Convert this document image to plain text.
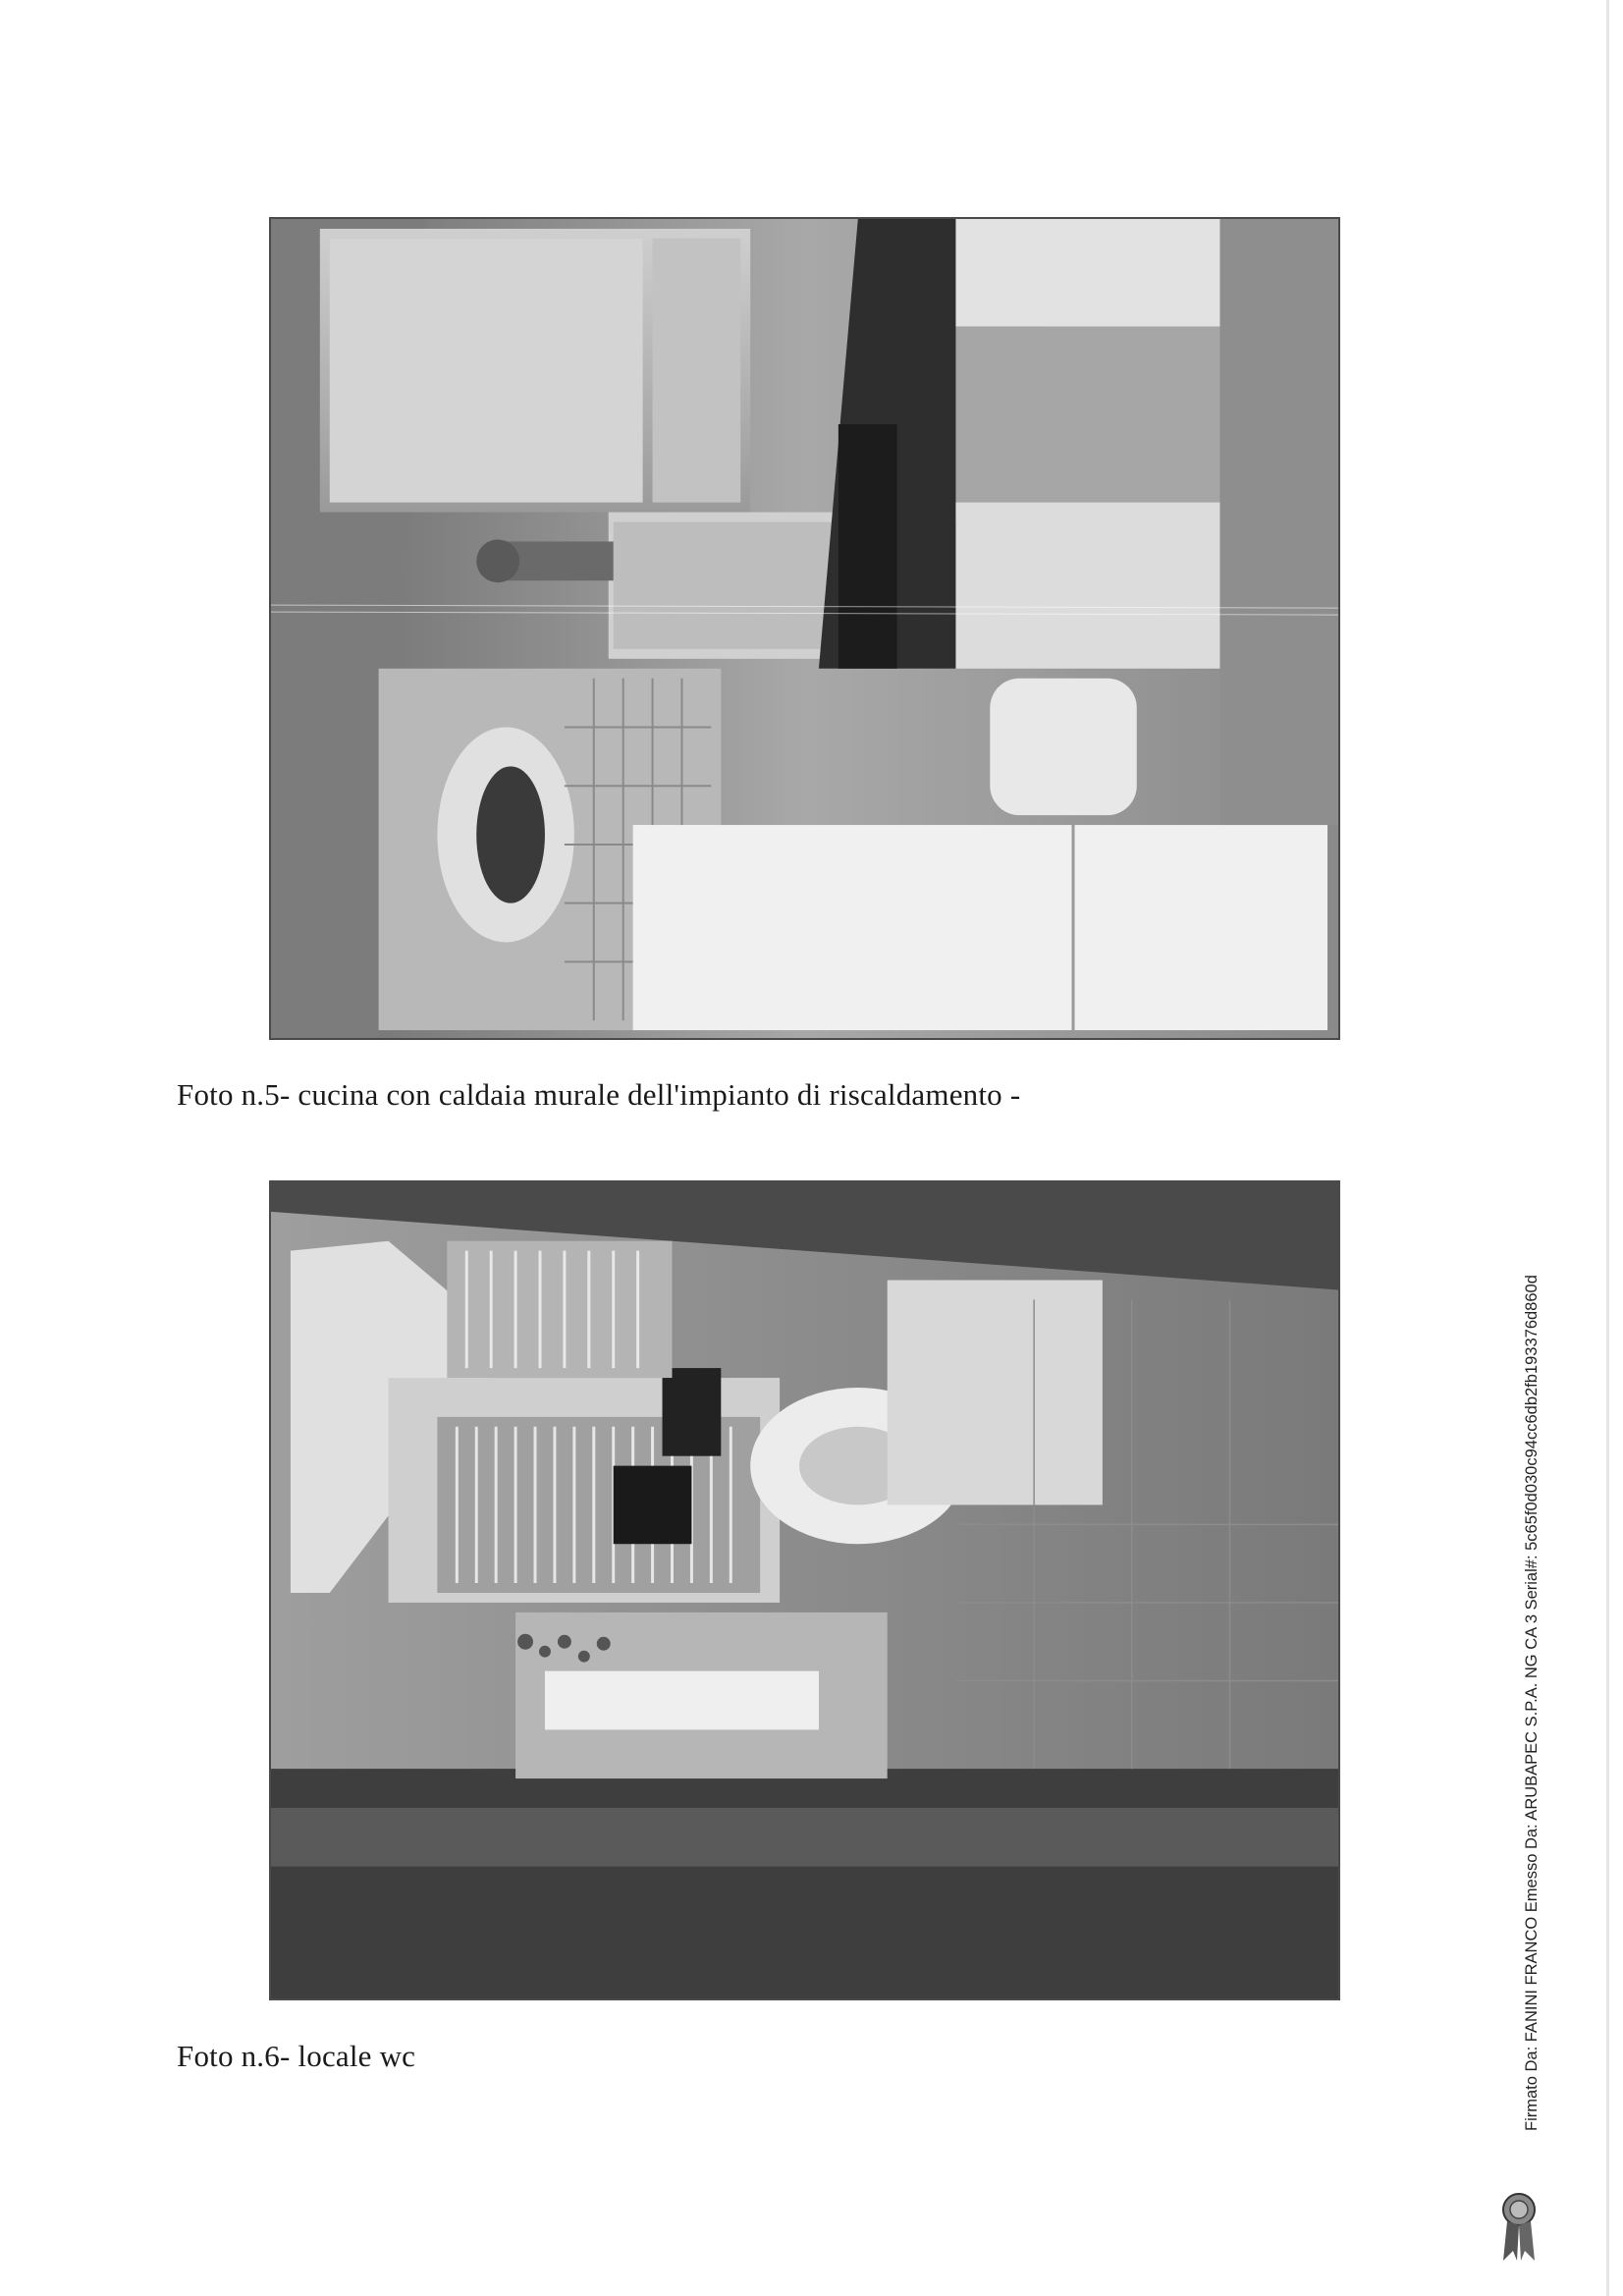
Foto n.5- cucina con caldaia murale dell'impianto di riscaldamento -
Foto n.6- locale wc	Firmato Da: FANINI FRANCO Emesso Da: ARUBAPEC S.P.A. NG CA 3 Serial#: 5c65f0d030c94cc6db2fb193376d860d
